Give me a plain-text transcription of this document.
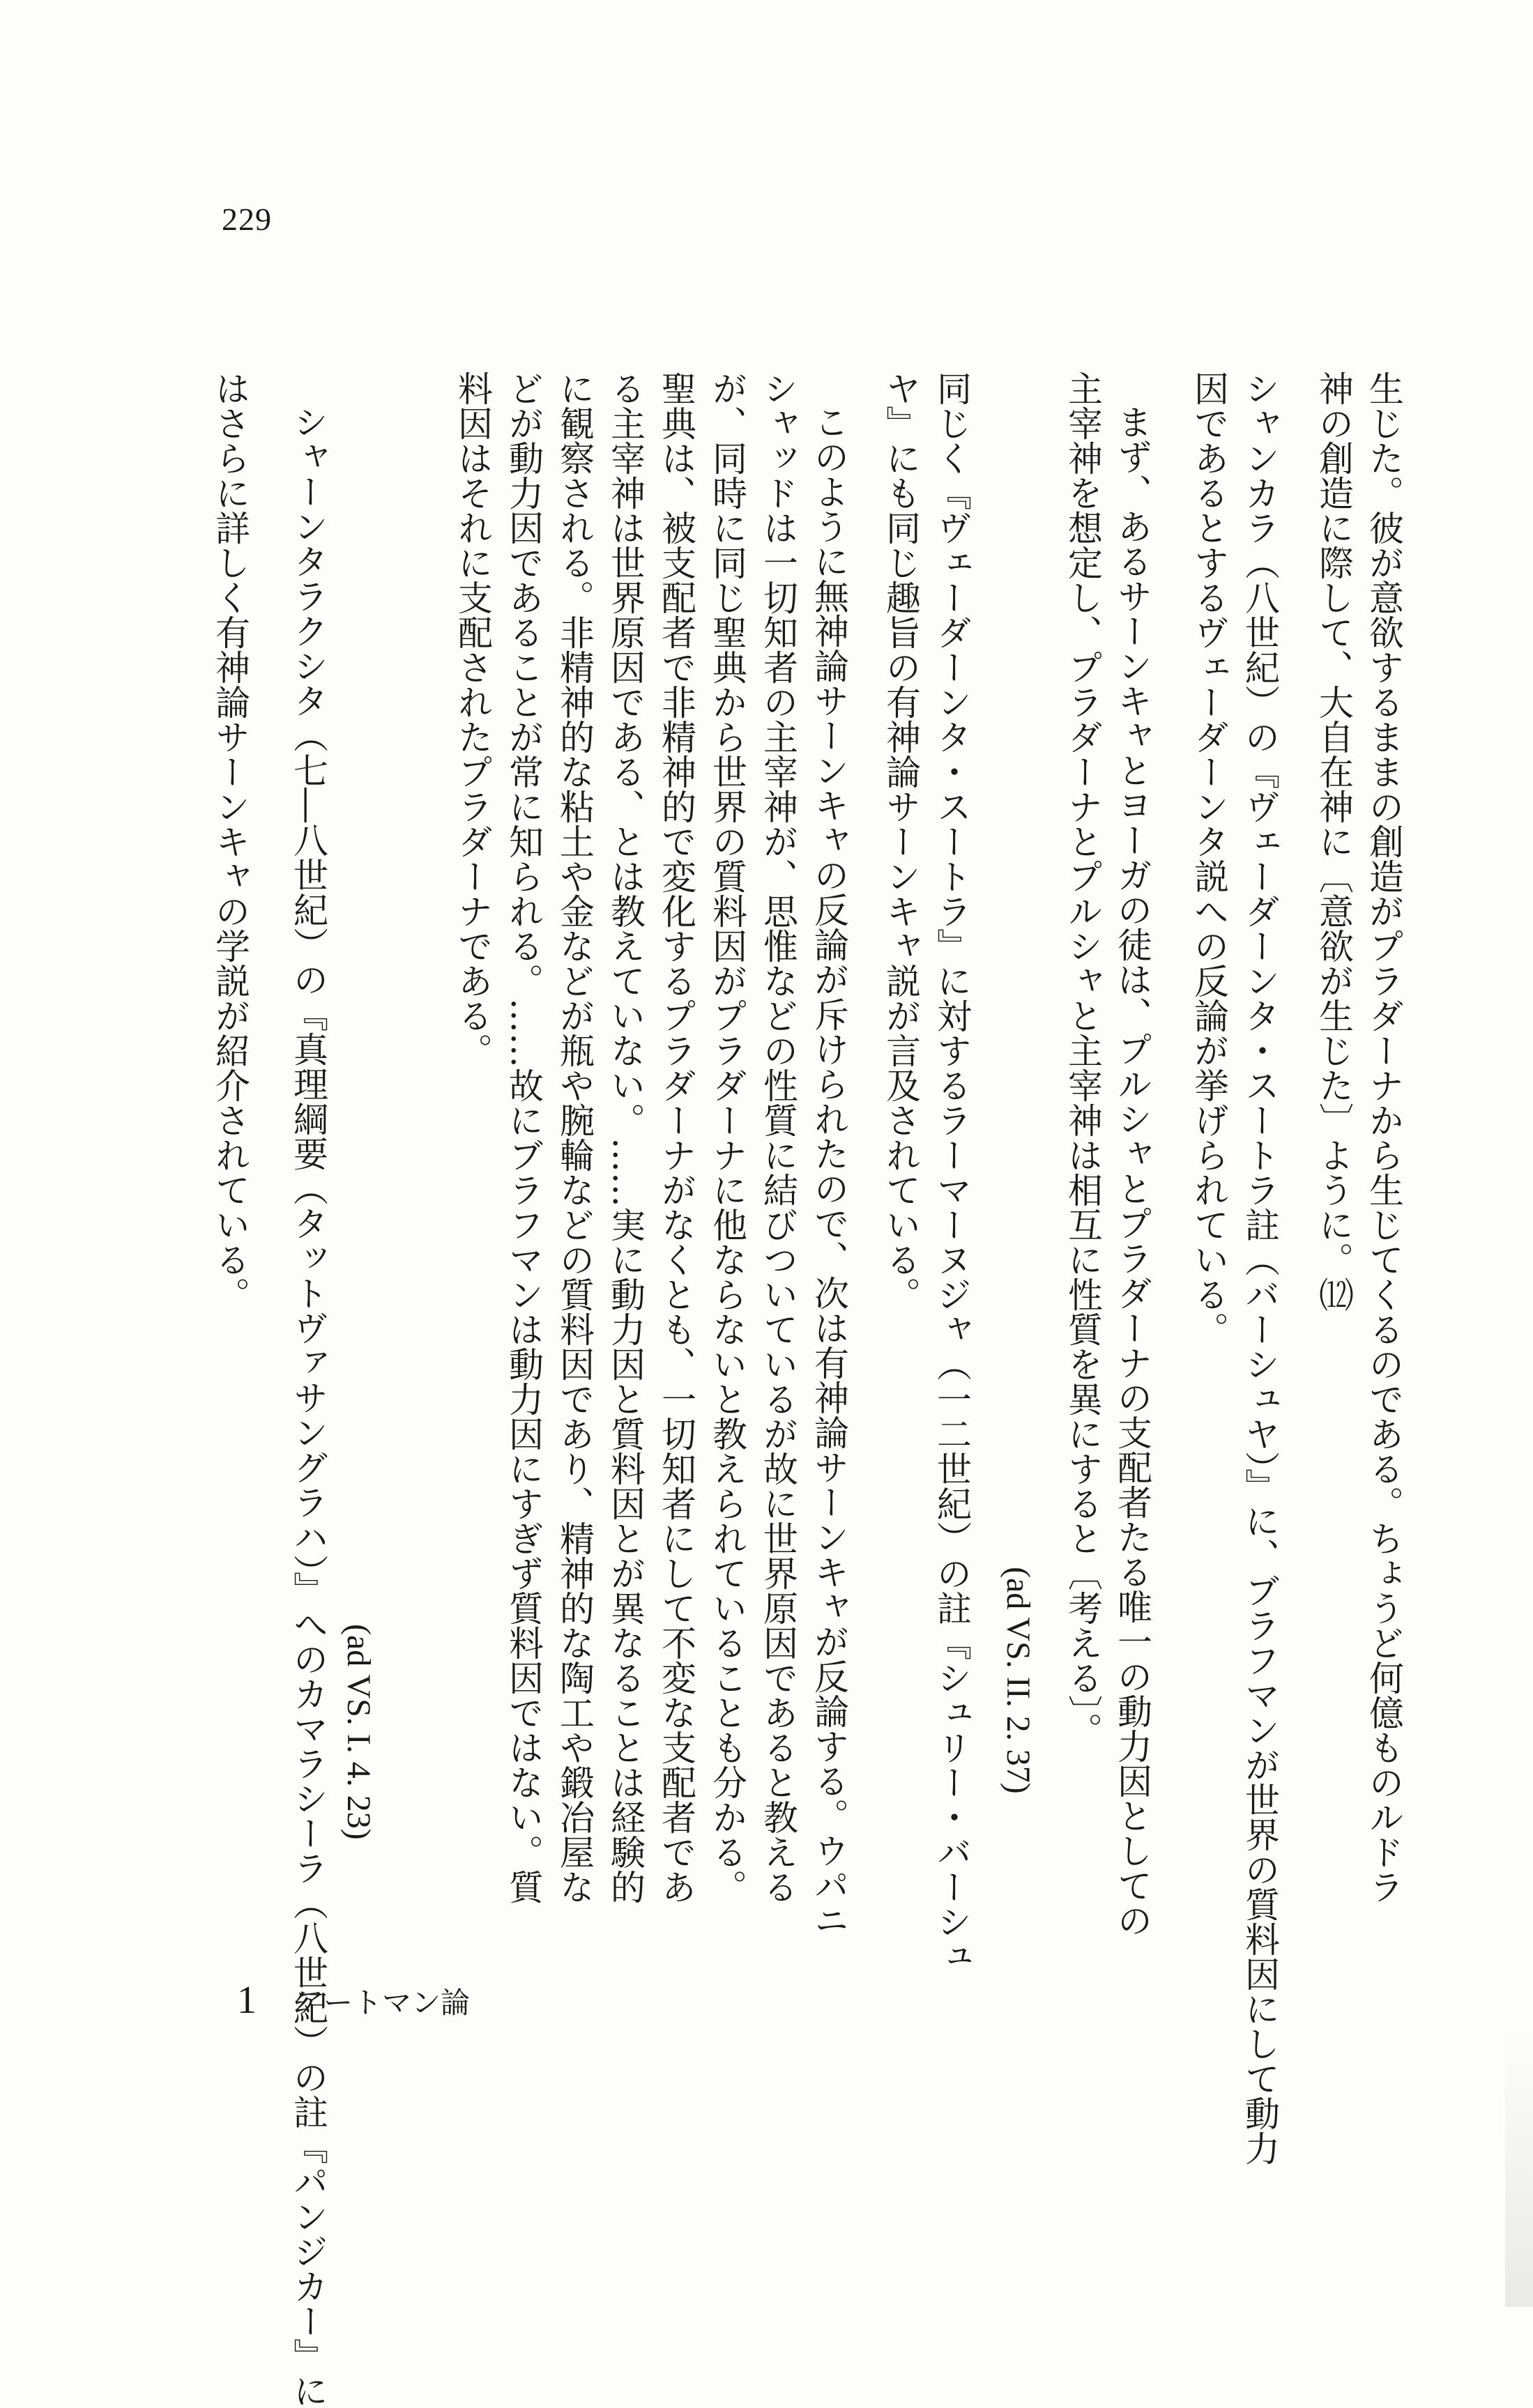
229
生じた。彼が意欲するままの創造がプラダーナから生じてくるのである。ちょうど何億ものルドラ
神の創造に際して、大自在神に〔意欲が生じた〕ように。⑿
シャンカラ（八世紀）の『ヴェーダーンタ・スートラ註（バーシュヤ）』に、ブラフマンが世界の質料因にして動力
因であるとするヴェーダーンタ説への反論が挙げられている。
まず、あるサーンキャとヨーガの徒は、プルシャとプラダーナの支配者たる唯一の動力因としての
主宰神を想定し、プラダーナとプルシャと主宰神は相互に性質を異にすると〔考える〕。
(ad VS. II. 2. 37)
同じく『ヴェーダーンタ・スートラ』に対するラーマーヌジャ（一二世紀）の註『シュリー・バーシュ
ヤ』にも同じ趣旨の有神論サーンキャ説が言及されている。
このように無神論サーンキャの反論が斥けられたので、次は有神論サーンキャが反論する。ウパニ
シャッドは一切知者の主宰神が、思惟などの性質に結びついているが故に世界原因であると教える
が、同時に同じ聖典から世界の質料因がプラダーナに他ならないと教えられていることも分かる。
聖典は、被支配者で非精神的で変化するプラダーナがなくとも、一切知者にして不変な支配者であ
る主宰神は世界原因である、とは教えていない。……実に動力因と質料因とが異なることは経験的
に観察される。非精神的な粘土や金などが瓶や腕輪などの質料因であり、精神的な陶工や鍛冶屋な
どが動力因であることが常に知られる。……故にブラフマンは動力因にすぎず質料因ではない。質
料因はそれに支配されたプラダーナである。
(ad VS. I. 4. 23)
シャーンタラクシタ（七―八世紀）の『真理綱要（タットヴァサングラハ）』へのカマラシーラ（八世紀）の註『パンジカー』に
はさらに詳しく有神論サーンキャの学説が紹介されている。
1 アートマン論
